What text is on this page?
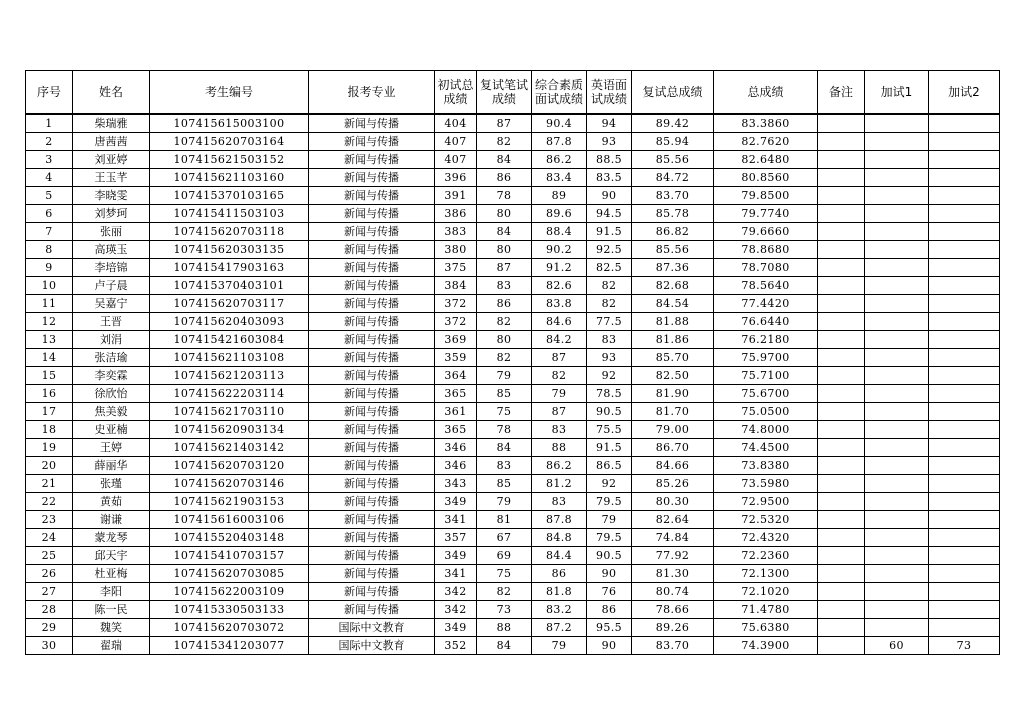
序号	姓名	考生编号	报考专业	初试总成绩	复试笔试成绩	综合素质面试成绩	英语面试成绩	复试总成绩	总成绩	备注	加试1	加试2
1	柴瑞雅	107415615003100	新闻与传播	404	87	90.4	94	89.42	83.3860			
2	唐茜茜	107415620703164	新闻与传播	407	82	87.8	93	85.94	82.7620			
3	刘亚婷	107415621503152	新闻与传播	407	84	86.2	88.5	85.56	82.6480			
4	王玉芊	107415621103160	新闻与传播	396	86	83.4	83.5	84.72	80.8560			
5	李晓雯	107415370103165	新闻与传播	391	78	89	90	83.70	79.8500			
6	刘梦珂	107415411503103	新闻与传播	386	80	89.6	94.5	85.78	79.7740			
7	张丽	107415620703118	新闻与传播	383	84	88.4	91.5	86.82	79.6660			
8	高瑛玉	107415620303135	新闻与传播	380	80	90.2	92.5	85.56	78.8680			
9	李培锦	107415417903163	新闻与传播	375	87	91.2	82.5	87.36	78.7080			
10	卢子晨	107415370403101	新闻与传播	384	83	82.6	82	82.68	78.5640			
11	吴嘉宁	107415620703117	新闻与传播	372	86	83.8	82	84.54	77.4420			
12	王晋	107415620403093	新闻与传播	372	82	84.6	77.5	81.88	76.6440			
13	刘涓	107415421603084	新闻与传播	369	80	84.2	83	81.86	76.2180			
14	张洁瑜	107415621103108	新闻与传播	359	82	87	93	85.70	75.9700			
15	李奕霖	107415621203113	新闻与传播	364	79	82	92	82.50	75.7100			
16	徐欣怡	107415622203114	新闻与传播	365	85	79	78.5	81.90	75.6700			
17	焦美毅	107415621703110	新闻与传播	361	75	87	90.5	81.70	75.0500			
18	史亚楠	107415620903134	新闻与传播	365	78	83	75.5	79.00	74.8000			
19	王婷	107415621403142	新闻与传播	346	84	88	91.5	86.70	74.4500			
20	薛丽华	107415620703120	新闻与传播	346	83	86.2	86.5	84.66	73.8380			
21	张瑾	107415620703146	新闻与传播	343	85	81.2	92	85.26	73.5980			
22	黄茹	107415621903153	新闻与传播	349	79	83	79.5	80.30	72.9500			
23	谢谦	107415616003106	新闻与传播	341	81	87.8	79	82.64	72.5320			
24	蒙龙琴	107415520403148	新闻与传播	357	67	84.8	79.5	74.84	72.4320			
25	邱天宇	107415410703157	新闻与传播	349	69	84.4	90.5	77.92	72.2360			
26	杜亚梅	107415620703085	新闻与传播	341	75	86	90	81.30	72.1300			
27	李阳	107415622003109	新闻与传播	342	82	81.8	76	80.74	72.1020			
28	陈一民	107415330503133	新闻与传播	342	73	83.2	86	78.66	71.4780			
29	魏笑	107415620703072	国际中文教育	349	88	87.2	95.5	89.26	75.6380			
30	翟瑞	107415341203077	国际中文教育	352	84	79	90	83.70	74.3900		60	73
